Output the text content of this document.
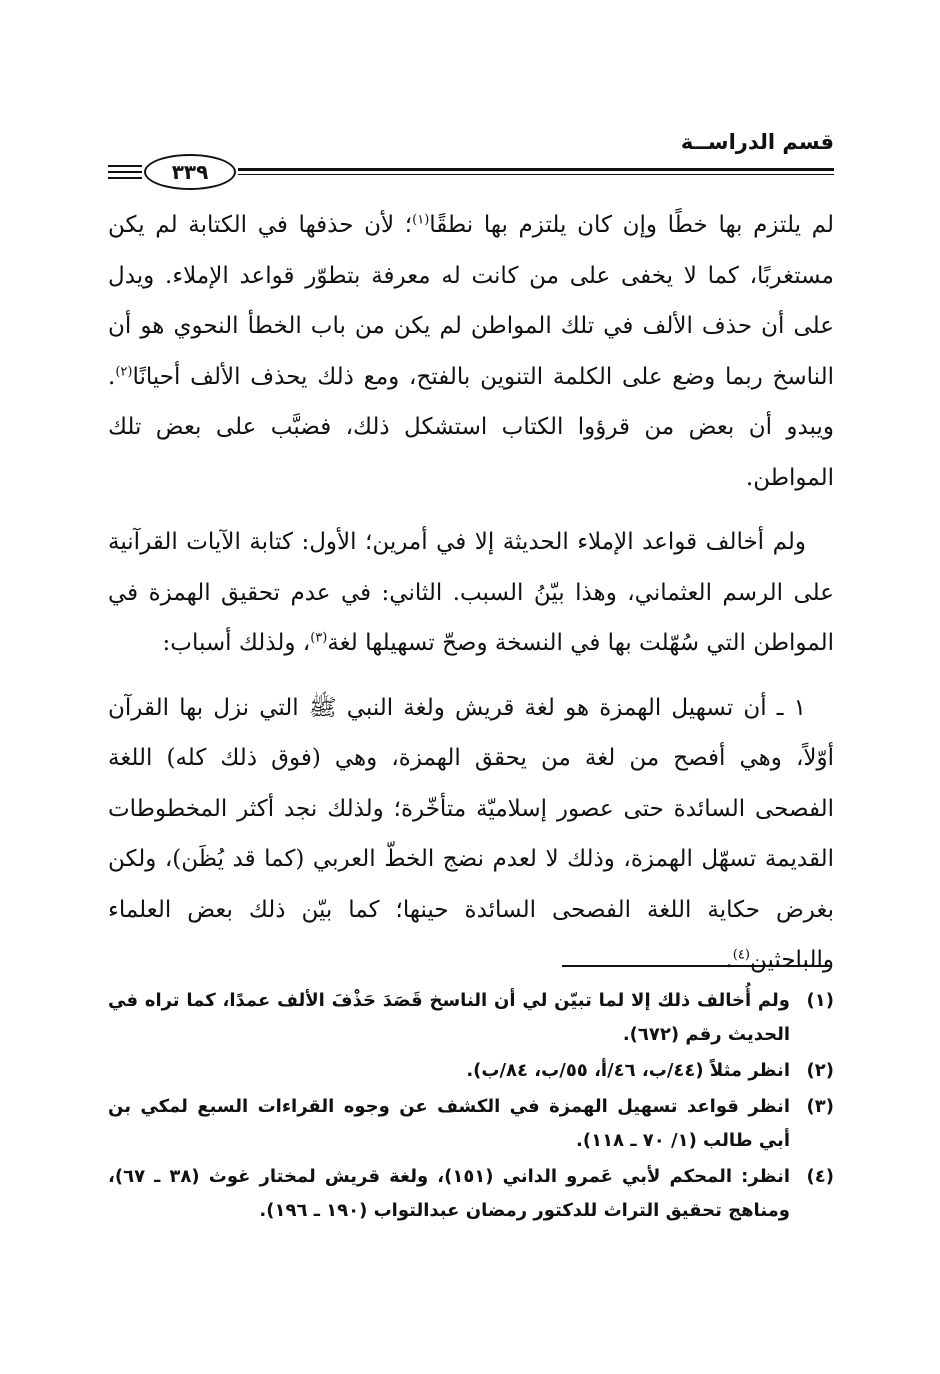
قسم الدراســة
٣٣٩

لم يلتزم بها خطًا وإن كان يلتزم بها نطقًا$^{(١)}$؛ لأن حذفها في الكتابة لم يكن مستغربًا، كما لا يخفى على من كانت له معرفة بتطوّر قواعد الإملاء. ويدل على أن حذف الألف في تلك المواطن لم يكن من باب الخطأ النحوي هو أن الناسخ ربما وضع على الكلمة التنوين بالفتح، ومع ذلك يحذف الألف أحيانًا$^{(٢)}$. ويبدو أن بعض من قرؤوا الكتاب استشكل ذلك، فضبَّب على بعض تلك المواطن.

ولم أخالف قواعد الإملاء الحديثة إلا في أمرين؛ الأول: كتابة الآيات القرآنية على الرسم العثماني، وهذا بيّنُ السبب. الثاني: في عدم تحقيق الهمزة في المواطن التي سُهّلت بها في النسخة وصحّ تسهيلها لغة$^{(٣)}$، ولذلك أسباب:

١ ـ أن تسهيل الهمزة هو لغة قريش ولغة النبي ﷺ التي نزل بها القرآن أوّلاً، وهي أفصح من لغة من يحقق الهمزة، وهي (فوق ذلك كله) اللغة الفصحى السائدة حتى عصور إسلاميّة متأخّرة؛ ولذلك نجد أكثر المخطوطات القديمة تسهّل الهمزة، وذلك لا لعدم نضج الخطّ العربي (كما قد يُظَن)، ولكن بغرض حكاية اللغة الفصحى السائدة حينها؛ كما بيّن ذلك بعض العلماء والباحثين$^{(٤)}$.

(١)
ولم أُخالف ذلك إلا لما تبيّن لي أن الناسخ قَصَدَ حَذْفَ الألف عمدًا، كما تراه في الحديث رقم (٦٧٢).
(٢)
انظر مثلاً (٤٤/ب، ٤٦/أ، ٥٥/ب، ٨٤/ب).
(٣)
انظر قواعد تسهيل الهمزة في الكشف عن وجوه القراءات السبع لمكي بن أبي طالب (١/ ٧٠ ـ ١١٨).
(٤)
انظر: المحكم لأبي عَمرو الداني (١٥١)، ولغة قريش لمختار غوث (٣٨ ـ ٦٧)، ومناهج تحقيق التراث للدكتور رمضان عبدالتواب (١٩٠ ـ ١٩٦).
